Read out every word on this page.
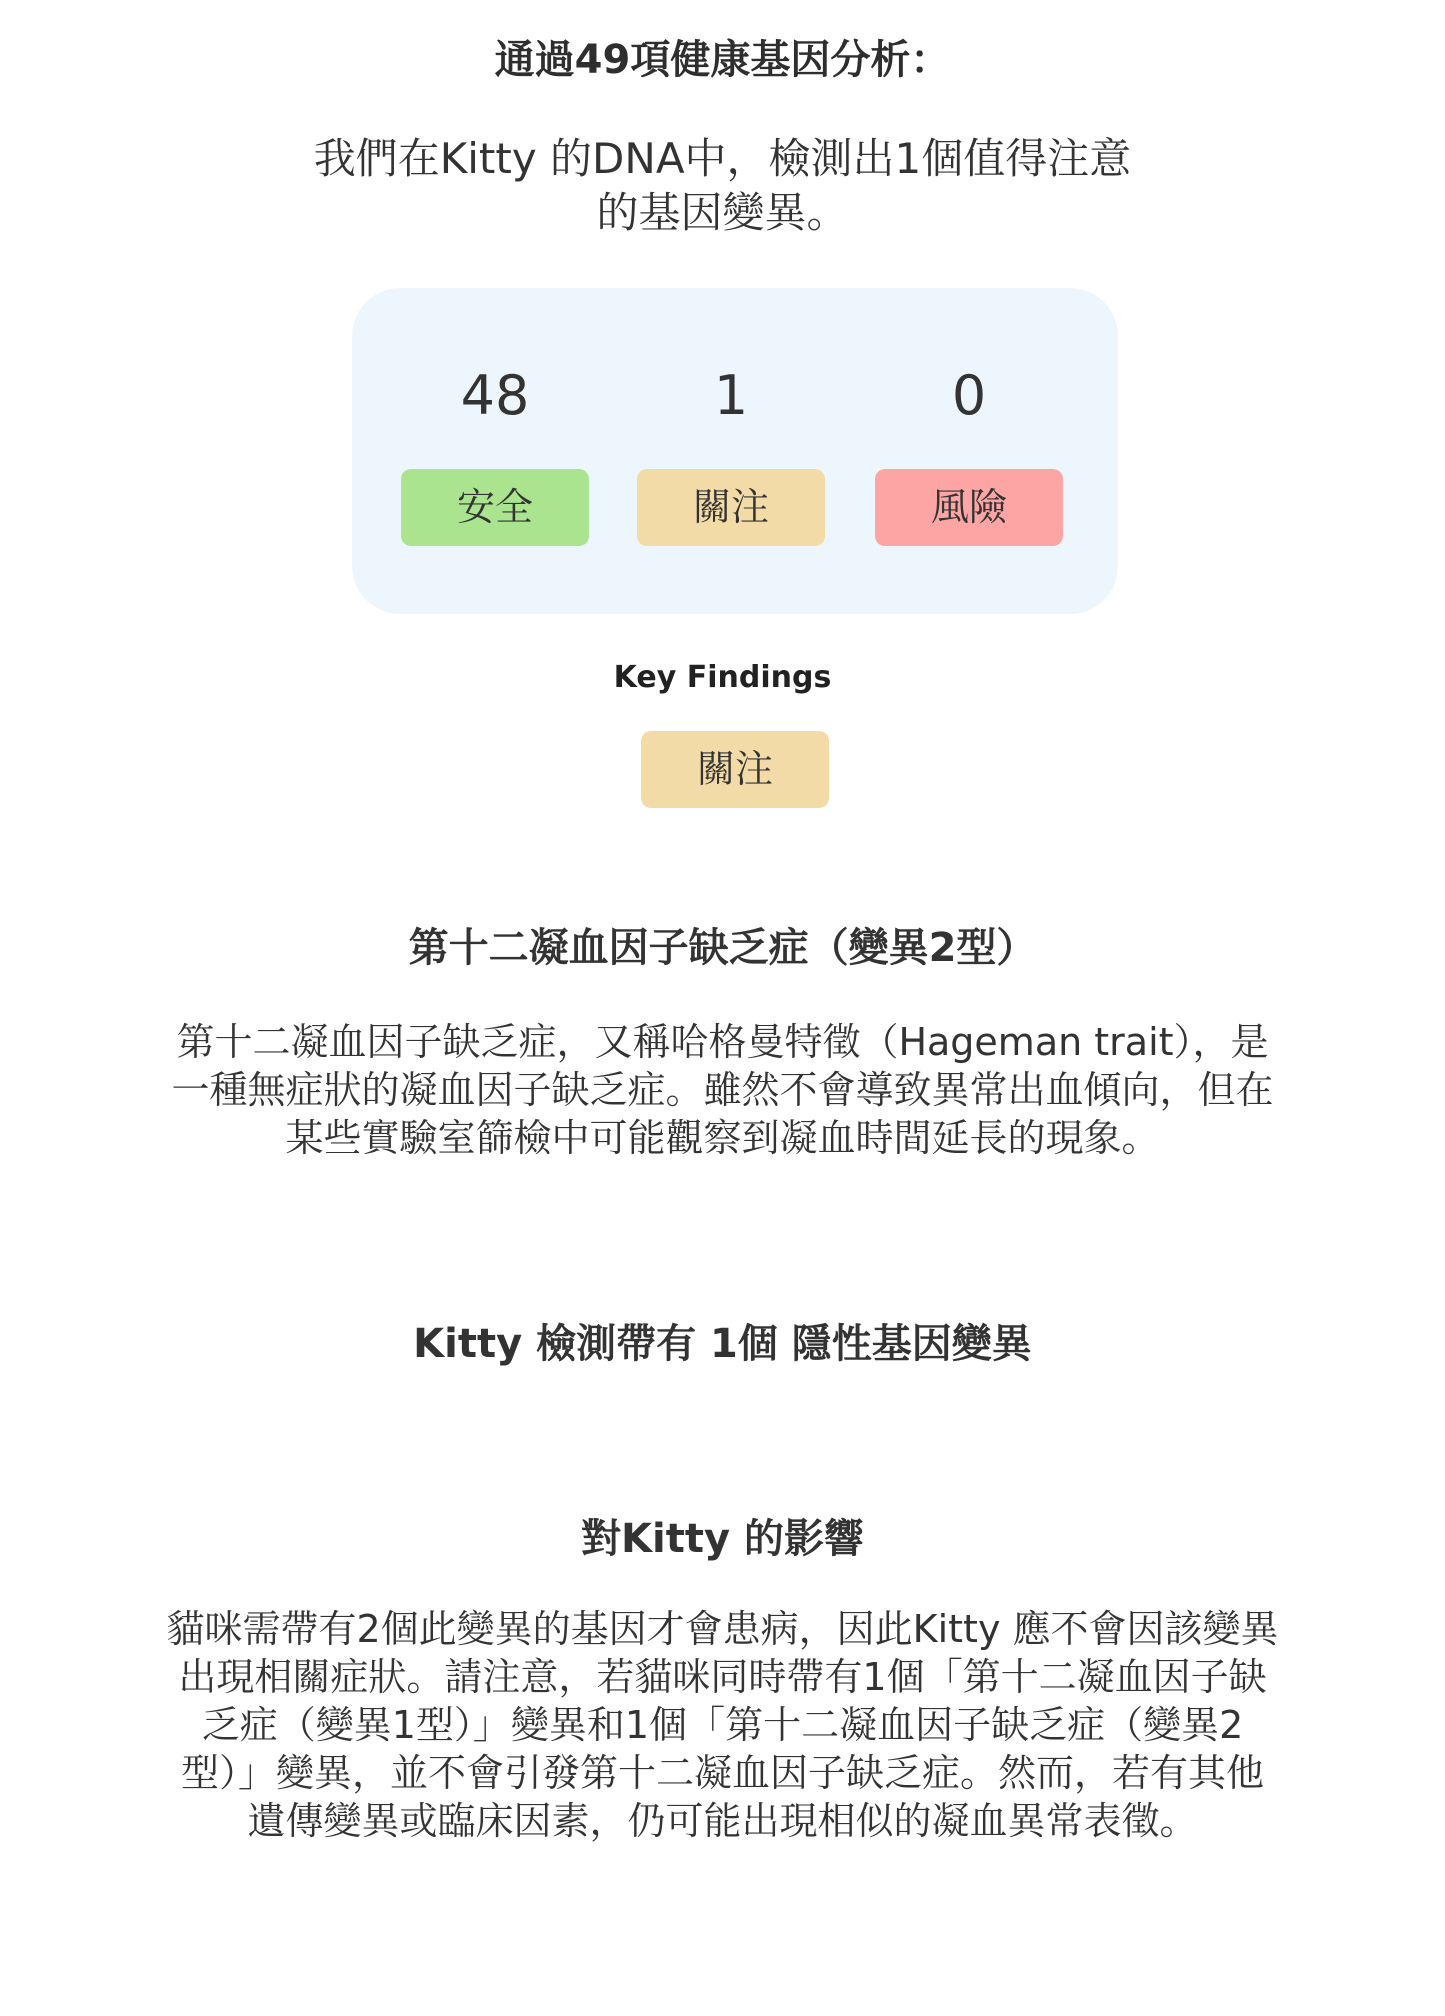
通過49項健康基因分析：
我們在Kitty 的DNA中，檢測出1個值得注意的基因變異。
48	1	0
安全	關注	風險
Key Findings
關注
第十二凝血因子缺乏症（變異2型）
第十二凝血因子缺乏症，又稱哈格曼特徵（Hageman trait），是一種無症狀的凝血因子缺乏症。雖然不會導致異常出血傾向，但在某些實驗室篩檢中可能觀察到凝血時間延長的現象。
Kitty 檢測帶有 1個 隱性基因變異
對Kitty 的影響
貓咪需帶有2個此變異的基因才會患病，因此Kitty 應不會因該變異出現相關症狀。請注意，若貓咪同時帶有1個「第十二凝血因子缺乏症（變異1型）」變異和1個「第十二凝血因子缺乏症（變異2型）」變異，並不會引發第十二凝血因子缺乏症。然而，若有其他遺傳變異或臨床因素，仍可能出現相似的凝血異常表徵。
